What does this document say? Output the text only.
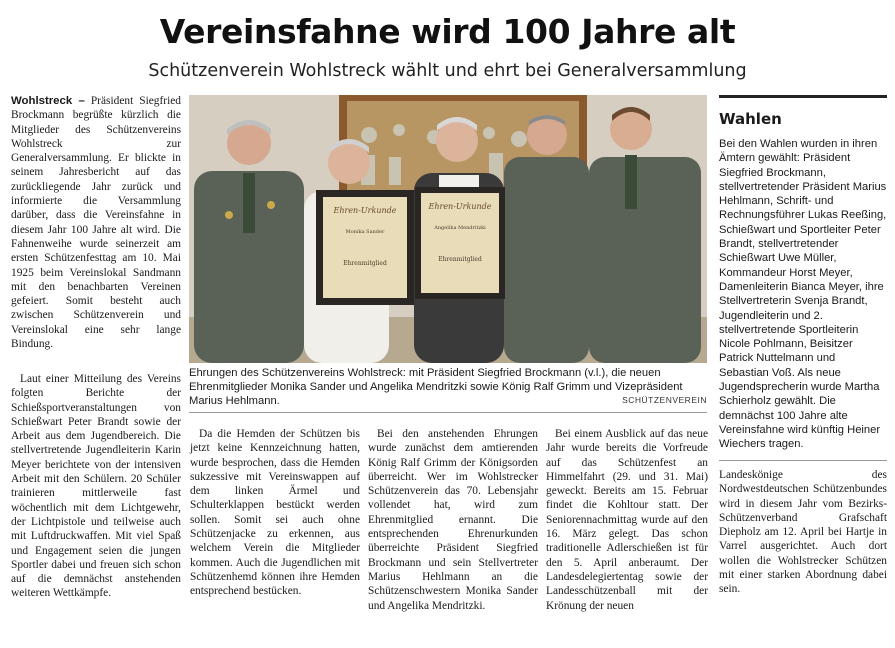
Vereinsfahne wird 100 Jahre alt
Schützenverein Wohlstreck wählt und ehrt bei Generalversammlung

Wohlstreck – Präsident Siegfried Brockmann begrüßte kürzlich die Mitglieder des Schützenvereins Wohlstreck zur Generalversammlung. Er blickte in seinem Jahresbericht auf das zurückliegende Jahr zurück und informierte die Versammlung darüber, dass die Vereinsfahne in diesem Jahr 100 Jahre alt wird. Die Fahnenweihe wurde seinerzeit am ersten Schützenfesttag am 10. Mai 1925 beim Vereinslokal Sandmann mit den benachbarten Vereinen gefeiert. Somit besteht auch zwischen Schützenverein und Vereinslokal eine sehr lange Bindung.

Laut einer Mitteilung des Vereins folgten Berichte der Schießsportveranstaltungen von Schießwart Peter Brandt sowie der Arbeit aus dem Jugendbereich. Die stellvertretende Jugendleiterin Karin Meyer berichtete von der intensiven Arbeit mit den Schülern. 20 Schüler trainieren mittlerweile fast wöchentlich mit dem Lichtgewehr, der Lichtpistole und teilweise auch mit Luftdruckwaffen. Mit viel Spaß und Engagement seien die jungen Sportler dabei und freuen sich schon auf die demnächst anstehenden weiteren Wettkämpfe.

Ehren-Urkunde
Monika Sander
Ehrenmitglied
Ehren-Urkunde
Angelika Mendritzki
Ehrenmitglied
Ehrungen des Schützenvereins Wohlstreck: mit Präsident Siegfried Brockmann (v.l.), die neuen Ehrenmitglieder Monika Sander und Angelika Mendritzki sowie König Ralf Grimm und Vizepräsident Marius Hehlmann.	SCHÜTZENVEREIN

Da die Hemden der Schützen bis jetzt keine Kennzeichnung hatten, wurde besprochen, dass die Hemden sukzessive mit Vereinswappen auf dem linken Ärmel und Schulterklappen bestückt werden sollen. Somit sei auch ohne Schützenjacke zu erkennen, aus welchem Verein die Mitglieder kommen. Auch die Jugendlichen mit Schützenhemd können ihre Hemden entsprechend bestücken.

Bei den anstehenden Ehrungen wurde zunächst dem amtierenden König Ralf Grimm der Königsorden überreicht. Wer im Wohlstrecker Schützenverein das 70. Lebensjahr vollendet hat, wird zum Ehrenmitglied ernannt. Die entsprechenden Ehrenurkunden überreichte Präsident Siegfried Brockmann und sein Stellvertreter Marius Hehlmann an die Schützenschwestern Monika Sander und Angelika Mendritzki.

Bei einem Ausblick auf das neue Jahr wurde bereits die Vorfreude auf das Schützenfest an Himmelfahrt (29. und 31. Mai) geweckt. Bereits am 15. Februar findet die Kohltour statt. Der Seniorennachmittag wurde auf den 16. März gelegt. Das schon traditionelle Adlerschießen ist für den 5. April anberaumt. Der Landesdelegiertentag sowie der Landesschützenball mit der Krönung der neuen

Wahlen
Bei den Wahlen wurden in ihren Ämtern gewählt: Präsident Siegfried Brockmann, stellvertretender Präsident Marius Hehlmann, Schrift- und Rechnungsführer Lukas Reeßing, Schießwart und Sportleiter Peter Brandt, stellvertretender Schießwart Uwe Müller, Kommandeur Horst Meyer, Damenleiterin Bianca Meyer, ihre Stellvertreterin Svenja Brandt, Jugendleiterin und 2. stellvertretende Sportleiterin Nicole Pohlmann, Beisitzer Patrick Nuttelmann und Sebastian Voß. Als neue Jugendsprecherin wurde Martha Schierholz gewählt. Die demnächst 100 Jahre alte Vereinsfahne wird künftig Heiner Wiechers tragen.

Landeskönige des Nordwestdeutschen Schützenbundes wird in diesem Jahr vom Bezirks-Schützenverband Grafschaft Diepholz am 12. April bei Hartje in Varrel ausgerichtet. Auch dort wollen die Wohlstrecker Schützen mit einer starken Abordnung dabei sein.
